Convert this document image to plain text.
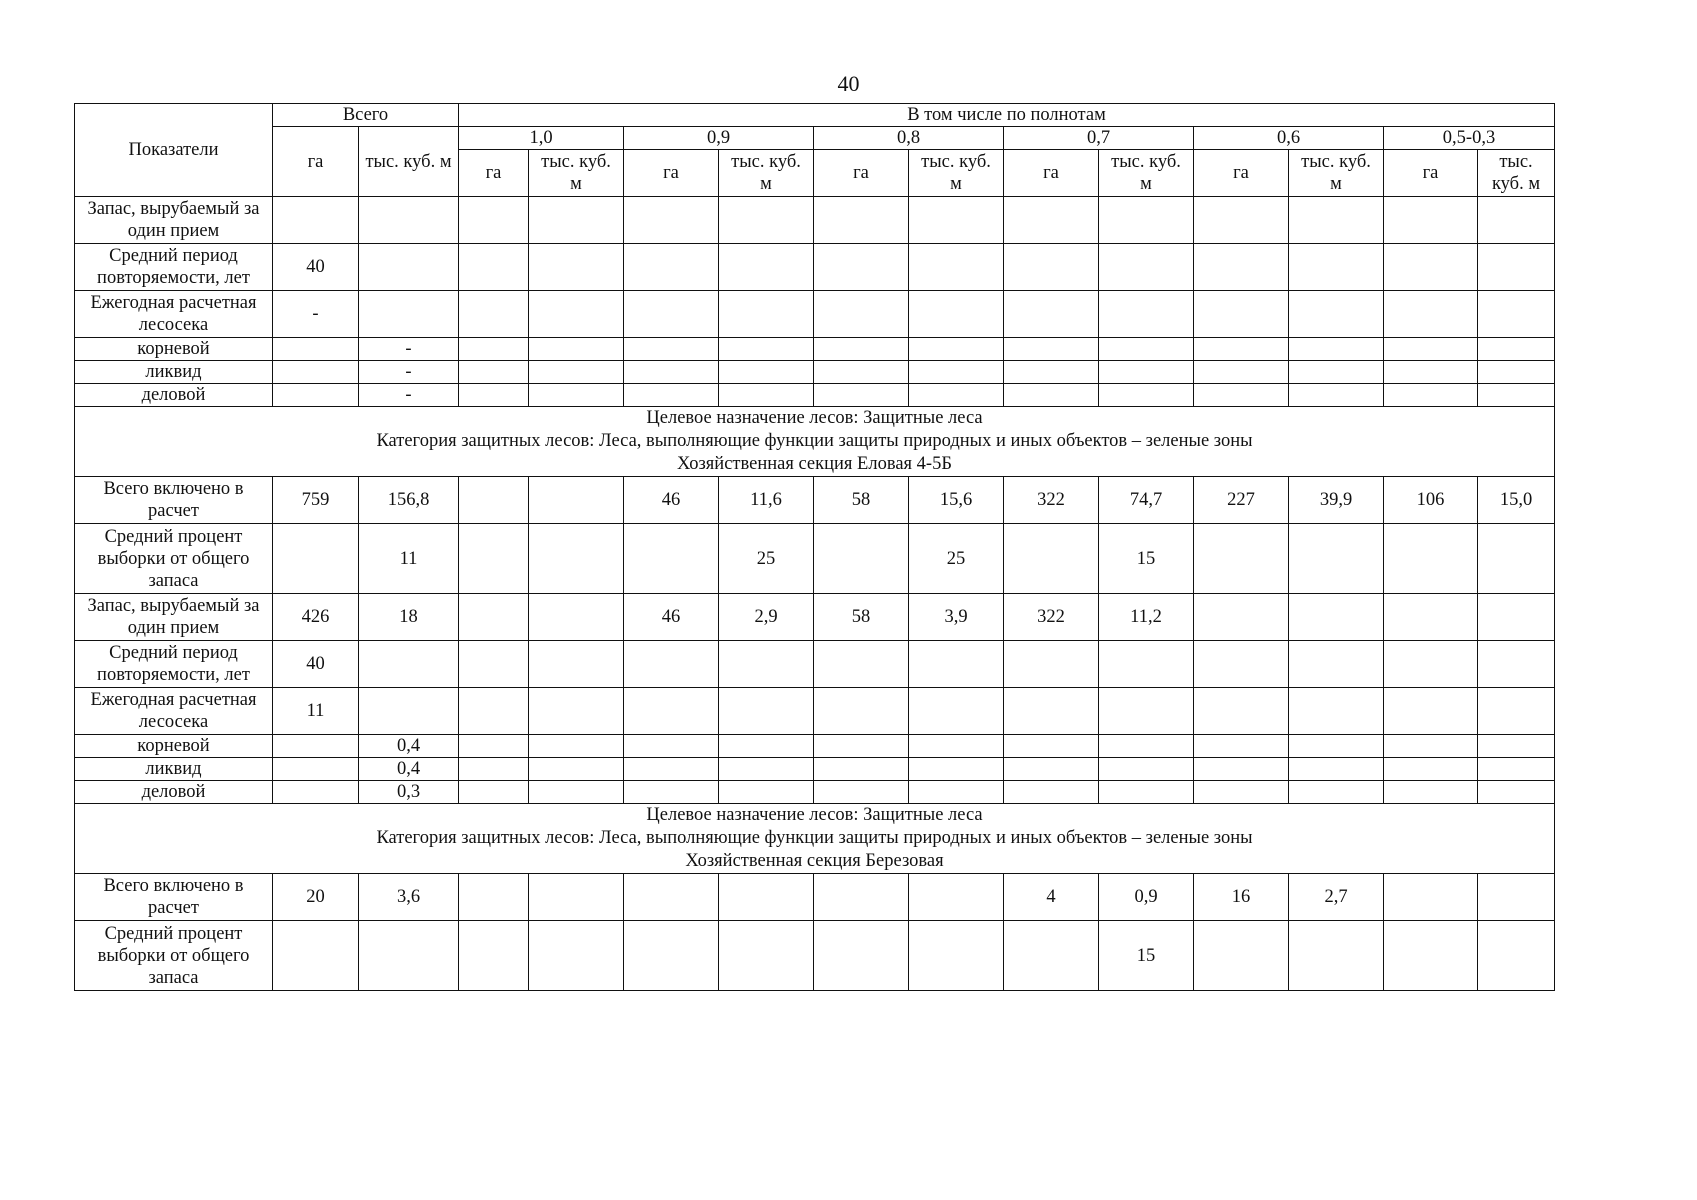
40
Показатели	Всего		В том числе по полнотам											
	га	тыс. куб. м	1,0		0,9		0,8		0,7		0,6		0,5-0,3	
			га	тыс. куб. м	га	тыс. куб. м	га	тыс. куб. м	га	тыс. куб. м	га	тыс. куб. м	га	тыс. куб. м
Запас, вырубаемый за один прием														
Средний период повторяемости, лет	40													
Ежегодная расчетная лесосека	-													
корневой		-												
ликвид		-												
деловой		-												

Целевое назначение лесов: Защитные леса
Категория защитных лесов: Леса, выполняющие функции защиты природных и иных объектов – зеленые зоны
Хозяйственная секция Еловая 4-5Б														

Всего включено в расчет	759	156,8			46	11,6	58	15,6	322	74,7	227	39,9	106	15,0
Средний процент выборки от общего запаса		11				25		25		15				
Запас, вырубаемый за один прием	426	18			46	2,9	58	3,9	322	11,2				
Средний период повторяемости, лет	40													
Ежегодная расчетная лесосека	11													
корневой		0,4												
ликвид		0,4												
деловой		0,3												

Целевое назначение лесов: Защитные леса
Категория защитных лесов: Леса, выполняющие функции защиты природных и иных объектов – зеленые зоны
Хозяйственная секция Березовая														

Всего включено в расчет	20	3,6							4	0,9	16	2,7		
Средний процент выборки от общего запаса										15				
